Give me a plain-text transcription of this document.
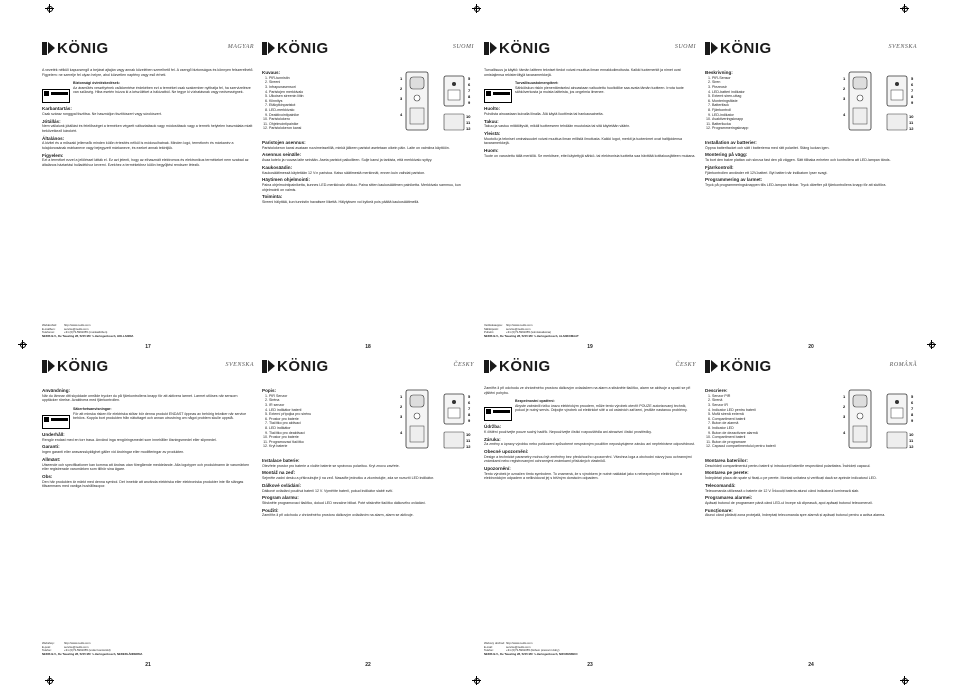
KÖNIG	MAGYAR

A vezeték nélküli kapucsengő a bejárat ajtaján vagy annak közelében szerelhető fel. A csengő biztonságos és könnyen felszerelhető. Figyelem: ne szerelje fel olyan helyre, ahol közvetlen napfény vagy eső érheti.

Biztonsági óvintézkedések:

Az áramütés veszélyének csökkentése érdekében ezt a terméket csak szakember nyithatja fel, ha szervizelésre van szükség. Hiba esetén húzza ki a készüléket a hálózatból. Ne tegye ki vízhatásnak vagy nedvességnek.

Karbantartás:

Csak száraz ronggyal tisztítsa. Ne használjon tisztítószert vagy súrolószert.

Jótállás:

Nem vállalunk jótállást és felelősséget a terméken végzett változtatások vagy módosítások vagy a termék helytelen használata miatt bekövetkező károkért.

Általános:

A kivitel és a műszaki jellemzők minden külön értesítés nélkül is módosulhatnak. Minden logó, terméknév és márkanév a tulajdonosának márkaneve vagy bejegyzett márkaneve, és ezeket annak tekintjük.

Figyelem:

Ezt a terméket ezzel a jelöléssel látták el. Ez azt jelenti, hogy az elhasznált elektromos és elektronikus termékeket nem szabad az általános háztartási hulladékhoz keverni. Ezekhez a termékekhez külön begyűjtési rendszer létezik.

Webáruház: http://www.nedis.com
E-mailben:	service@nedis.com
Telefonon:	+31 (0)73-5991055 (munkaidőben)
NEDIS B.V., De Tweeling 28, 5215 MC 's-Hertogenbosch, HOLLANDIA
17
KÖNIG	SUOMI
Kuvaus:
1. PIR-tunnistin
2. Sireeni
3. Infrapunasensori
4. Paristojen merkkivalo
5. Ulkoisen sireenin liitin
6. Kiinnitys
7. Etäkytkinparistot
8. LED-merkkivalo
9. Deaktivointipainike
10. Paristolokero
11. Ohjelmointipainike
12. Paristolokeron kansi
1
2
3
4
5
6
7
8
9
10
11
12
Paristojen asennus:

Paristolokeron kansi avataan ruuvimeisselillä, minkä jälkeen paristot asetetaan oikein päin. Laite on valmiina käyttöön.

Asennus seinälle:

Avaa kotelo ja ruuvaa laite seinään. Aseta paristot paikoilleen. Sulje kansi ja tarkista, että merkkivalo syttyy.

Kaukosäädin:

Kaukosäätimessä käytetään 12 V:n paristoa. Katso säätimestä merkinnät, ennen kuin vaihdat pariston.

Häytimen ohjelmointi:

Paina ohjelmointipainiketta, kunnes LED-merkkivalo vilkkuu. Paina sitten kaukosäätimen painiketta. Merkkivalo sammuu, kun ohjelmointi on valmis.

Toiminta:

Sireeni hälyttää, kun tunnistin havaitsee liikettä. Hälytyksen voi kytkeä pois päältä kaukosäätimellä.

18
KÖNIG	SUOMI

Turvallisuus ja käyttö: tämän laitteen tekniset tiedot voivat muuttua ilman ennakkoilmoitusta. Kaikki tuotemerkit ja nimet ovat omistajiensa rekisteröityjä tavaramerkkejä.

Turvallisuustoimenpiteet:

Sähköiskun riskin pienentämiseksi ainoastaan valtuutettu huoltoliike saa avata tämän tuotteen. Irrota tuote sähköverkosta ja muista laitteista, jos ongelmia ilmenee.

Huolto:

Puhdista ainoastaan kuivalla liinalla. Älä käytä liuottimia tai hankausaineita.

Takuu:

Takuu ja vastuu mitätöityvät, mikäli tuotteeseen tehdään muutoksia tai sitä käytetään väärin.

Yleistä:

Muotoilu ja tekniset ominaisuudet voivat muuttua ilman erillistä ilmoitusta. Kaikki logot, merkit ja tuotenimet ovat haltijoidensa tavaramerkkejä.

Huom:

Tuote on varustettu tällä merkillä. Se merkitsee, ettei käytettyjä sähkö- tai elektronisia tuotteita saa hävittää kotitalousjätteen mukana.

Verkkokauppa: http://www.nedis.com
Sähköposti:	service@nedis.com
Puhelin:	+31 (0)73-5991055 (toimistoaikoina)
NEDIS B.V., De Tweeling 28, 5215 MC 's-Hertogenbosch, ALANKOMAAT
19
KÖNIG	SVENSKA
Beskrivning:
1. PIR-Sensor
2. Siren
3. Piezeosir
4. LED-batteri indikator
5. Externt siren-uttag
6. Monteringsfäste
7. Batterifack
8. Fjärrkontroll
9. LED-indikator
10. Avaktiveringsknapp
11. Batterilucka
12. Programmeringsknapp
1
2
3
4
5
6
7
8
9
10
11
12
Installation av batterier:

Öppna batterifacket och sätt i batterierna med rätt polaritet. Stäng luckan igen.

Montering på vägg:

Ta bort den bakre plattan och skruva fast den på väggen. Sätt tillbaka enheten och kontrollera att LED-lampan tänds.

Fjärrkontroll:

Fjärrkontrollen använder ett 12V-batteri. Byt batteri när indikatorn lyser svagt.

Programmering av larmet:

Tryck på programmeringsknappen tills LED-lampan blinkar. Tryck därefter på fjärrkontrollens knapp för att slutföra.

20
KÖNIG	SVENSKA
Användning:

När du lämnar ditt skyddade område trycker du på fjärrkontrollens knapp för att aktivera larmet. Larmet utlöses när sensorn upptäcker rörelse. Avaktivera med fjärrkontrollen.

Säkerhetsanvisningar:

För att minska risken för elektriska stötar bör denna produkt ENDAST öppnas av behörig tekniker när service behövs. Koppla bort produkten från nätuttaget och annan utrustning om något problem skulle uppstå.

Underhåll:

Rengör endast med en torr trasa. Använd inga rengöringsmedel som innehåller lösningsmedel eller slipmedel.

Garanti:

Ingen garanti eller ansvarsskyldighet gäller vid ändringar eller modifieringar av produkten.

Allmänt:

Utseende och specifikationer kan komma att ändras utan föregående meddelande. Alla logotyper och produktnamn är varumärken eller registrerade varumärken som tillhör sina ägare.

Obs:

Den här produkten är märkt med denna symbol. Det innebär att använda elektriska eller elektroniska produkter inte får slängas tillsammans med vanliga hushållssopor.

Webshop:	http://www.nedis.com
E-post:	service@nedis.com
Telefon:	+31 (0)73-5991055 (under kontorstid)
NEDIS B.V., De Tweeling 28, 5215 MC 's-Hertogenbosch, NEDERLÄNDERNA
21
KÖNIG	ČESKY
Popis:
1. PIR Senzor
2. Siréna
3. IR senzor
4. LED indikátor baterií
5. Externí přípojka pro sirénu
6. Prostor pro baterie
7. Tlačítko pro aktivaci
8. LED indikátor
9. Tlačítko pro deaktivaci
10. Prostor pro baterie
11. Programovací tlačítko
12. Kryt baterie
1
2
3
4
5
6
7
8
9
10
11
12
Instalace baterie:

Otevřete prostor pro baterie a vložte baterie se správnou polaritou. Kryt znovu zavřete.

Montáž na zeď:

Sejměte zadní desku a přišroubujte ji na zeď. Nasaďte jednotku a zkontrolujte, zda se rozsvítí LED indikátor.

Dálkové ovládání:

Dálkové ovládání používá baterii 12 V. Vyměňte baterii, pokud indikátor slabě svítí.

Program alarmu:

Stiskněte programovací tlačítko, dokud LED nezačne blikat. Poté stiskněte tlačítko dálkového ovládání.

Použití:

Zamíříte-li při odchodu z chráněného prostoru dálkovým ovládáním na alarm, alarm se aktivuje.

22
KÖNIG	ČESKY

Zamířte-li při odchodu ze chráněného prostoru dálkovým ovladačem na alarm a stiskněte tlačítko, alarm se aktivuje a spustí se při zjištění pohybu.

Bezpečnostní opatření:

Abyste zabránili riziku úrazu elektrickým proudem, může tento výrobek otevřít POUZE autorizovaný technik, pokud je nutný servis. Odpojte výrobek od elektrické sítě a od ostatních zařízení, jestliže nastanou problémy.

Údržba:

K čištění používejte pouze suchý hadřík. Nepoužívejte čisticí rozpouštědla ani abrazivní čisticí prostředky.

Záruka:

Za změny a úpravy výrobku nebo poškození způsobené nesprávným použitím neposkytujeme záruku ani nepřebíráme odpovědnost.

Obecné upozornění:

Design a technické parametry mohou být změněny bez předchozího upozornění. Všechna loga a obchodní názvy jsou ochrannými známkami nebo registrovanými ochrannými známkami příslušných vlastníků.

Upozornění:

Tento výrobek je označen tímto symbolem. To znamená, že s výrobkem je nutné nakládat jako s nebezpečným elektrickým a elektronickým odpadem a nelikvidovat jej s běžným domácím odpadem.

Webový obchod:http://www.nedis.com
E-mail:	service@nedis.com
Telefon:	+31 (0)73-5991055 (během pracovní doby)
NEDIS B.V., De Tweeling 28, 5215 MC 's-Hertogenbosch, NIZOZEMSKO
23
KÖNIG	ROMÂNĂ
Descriere:
1. Senzor PIR
2. Sirenă
3. Senzor IR
4. Indicator LED pentru baterii
5. Mufă sirenă externă
6. Compartiment baterii
7. Buton de alarmă
8. Indicator LED
9. Buton de dezactivare alarmă
10. Compartiment baterii
11. Buton de programare
12. Capacul compartimentului pentru baterii
1
2
3
4
5
6
7
8
9
10
11
12
Montarea bateriilor:

Deschideți compartimentul pentru baterii și introduceți bateriile respectând polaritatea. Închideți capacul.

Montarea pe perete:

Îndepărtați placa din spate și fixați-o pe perete. Montați unitatea și verificați dacă se aprinde indicatorul LED.

Telecomandă:

Telecomanda utilizează o baterie de 12 V. Înlocuiți bateria atunci când indicatorul luminează slab.

Programarea alarmei:

Apăsați butonul de programare până când LED-ul începe să clipească, apoi apăsați butonul telecomenzii.

Funcționare:

Atunci când părăsiți zona protejată, îndreptați telecomanda spre alarmă și apăsați butonul pentru a activa alarma.

24
